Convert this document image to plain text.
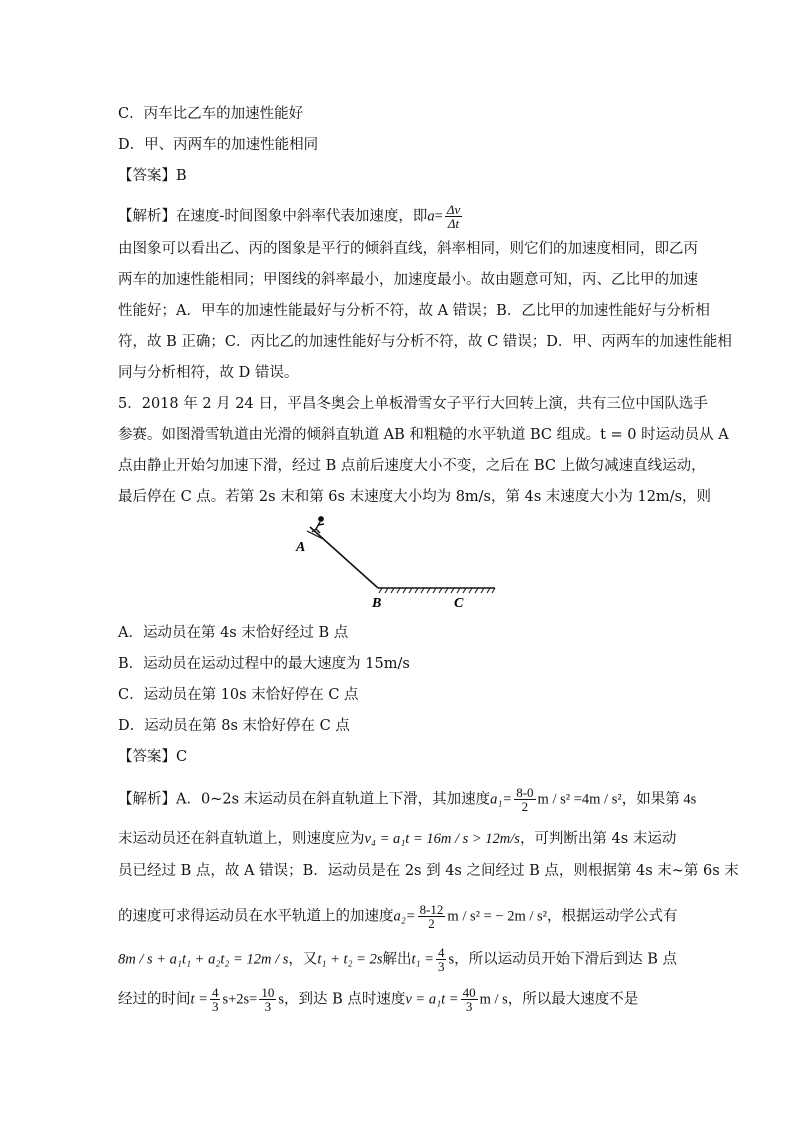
C．丙车比乙车的加速性能好
D．甲、丙两车的加速性能相同
【答案】B
【解析】在速度-时间图象中斜率代表加速度，即$a= \frac{\Delta v}{\Delta t}$
由图象可以看出乙、丙的图象是平行的倾斜直线，斜率相同，则它们的加速度相同，即乙丙
两车的加速性能相同；甲图线的斜率最小，加速度最小。故由题意可知，丙、乙比甲的加速
性能好；A．甲车的加速性能最好与分析不符，故 A 错误；B．乙比甲的加速性能好与分析相
符，故 B 正确；C．丙比乙的加速性能好与分析不符，故 C 错误；D．甲、丙两车的加速性能相
同与分析相符，故 D 错误。
5．2018 年 2 月 24 日，平昌冬奥会上单板滑雪女子平行大回转上演，共有三位中国队选手
参赛。如图滑雪轨道由光滑的倾斜直轨道 AB 和粗糙的水平轨道 BC 组成。t = 0 时运动员从 A
点由静止开始匀加速下滑，经过 B 点前后速度大小不变，之后在 BC 上做匀减速直线运动，
最后停在 C 点。若第 2s 末和第 6s 末速度大小均为 8m/s，第 4s 末速度大小为 12m/s，则
A
B	C
A．运动员在第 4s 末恰好经过 B 点
B．运动员在运动过程中的最大速度为 15m/s
C．运动员在第 10s 末恰好停在 C 点
D．运动员在第 8s 末恰好停在 C 点
【答案】C
【解析】A．0~2s 末运动员在斜直轨道上下滑，其加速度$a_1= \frac{8-0}{2}$ m / s² =4m / s²，如果第 4s
末运动员还在斜直轨道上，则速度应为v₄ = a₁t = 16m / s > 12m/s，可判断出第 4s 末运动
员已经过 B 点，故 A 错误；B．运动员是在 2s 到 4s 之间经过 B 点，则根据第 4s 末~第 6s 末
的速度可求得运动员在水平轨道上的加速度$a_2= \frac{8-12}{2}$ m / s² = − 2m / s²，根据运动学公式有
8m / s + a₁t₁ + a₂t₂ = 12m / s，又t₁ + t₂ = 2s解出$t_1 = \frac{4}{3}$ s，所以运动员开始下滑后到达 B 点
经过的时间$t = \frac{4}{3} s+2s= \frac{10}{3}$ s，到达 B 点时速度$v = a_1t = \frac{40}{3}$ m / s，所以最大速度不是
